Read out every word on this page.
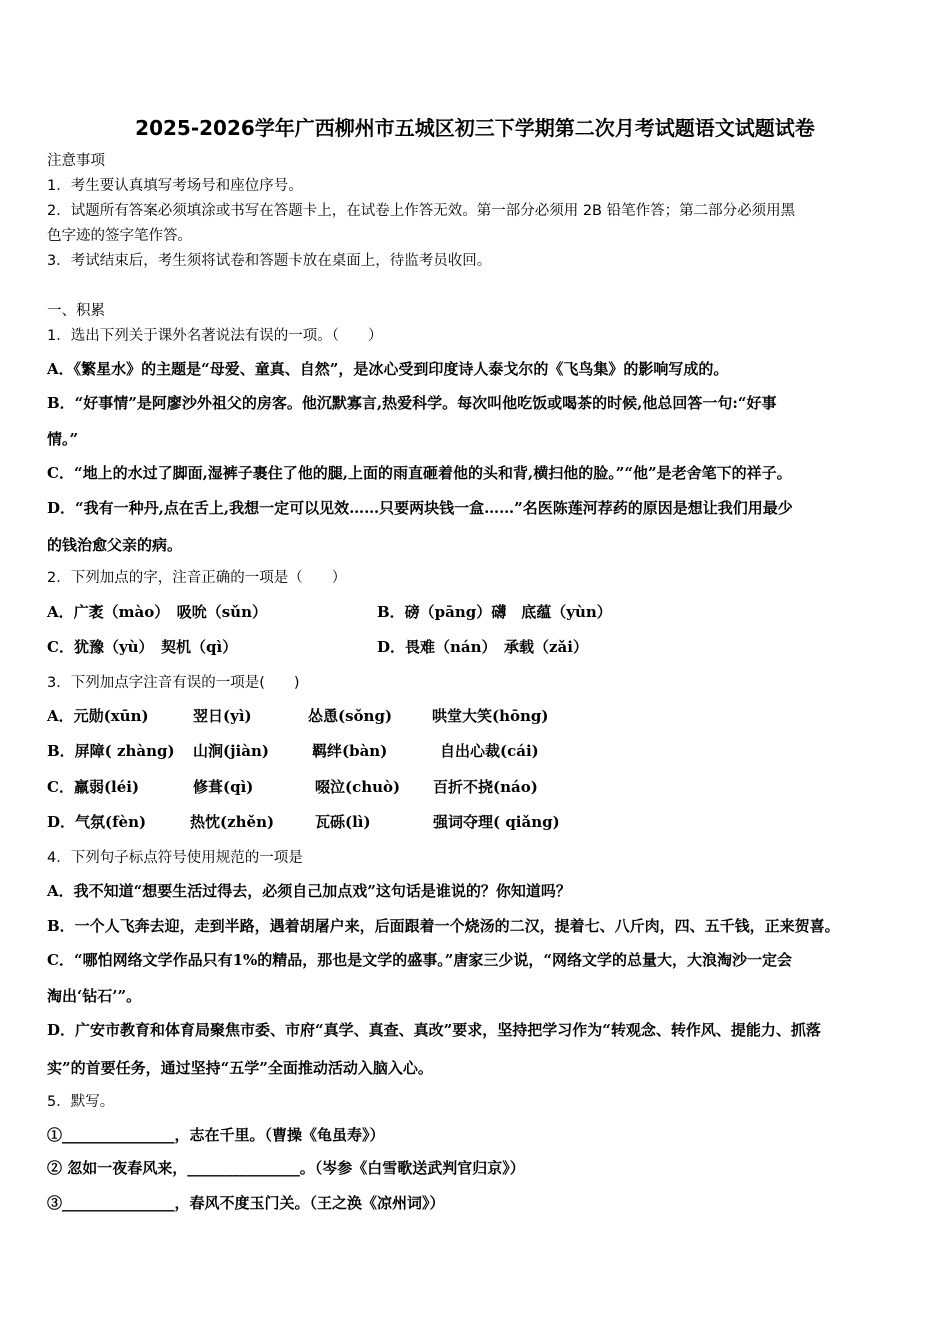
2025-2026学年广西柳州市五城区初三下学期第二次月考试题语文试题试卷
注意事项
1．考生要认真填写考场号和座位序号。
2．试题所有答案必须填涂或书写在答题卡上，在试卷上作答无效。第一部分必须用 2B 铅笔作答；第二部分必须用黑
色字迹的签字笔作答。
3．考试结束后，考生须将试卷和答题卡放在桌面上，待监考员收回。
一、积累
1．选出下列关于课外名著说法有误的一项。（　　）
A．《繁星水》的主题是“母爱、童真、自然”，是冰心受到印度诗人泰戈尔的《飞鸟集》的影响写成的。
B．“好事情”是阿廖沙外祖父的房客。他沉默寡言,热爱科学。每次叫他吃饭或喝茶的时候,他总回答一句:“好事
情。”
C．“地上的水过了脚面,湿裤子裹住了他的腿,上面的雨直砸着他的头和背,横扫他的脸。”“他”是老舍笔下的祥子。
D．“我有一种丹,点在舌上,我想一定可以见效……只要两块钱一盒……”名医陈莲河荐药的原因是想让我们用最少
的钱治愈父亲的病。
2．下列加点的字，注音正确的一项是（　　）
A．广袤（mào）　吸吮（sǔn）	B．磅（pāng）礴　底蕴（yùn）
C．犹豫（yù）　契机（qì）	D．畏难（nán）　承载（zǎi）
3．下列加点字注音有误的一项是(　　)
A．元勋(xūn)	翌日(yì)	怂恿(sǒng)	哄堂大笑(hōng)
B．屏障( zhàng) 山涧(jiàn)	羁绊(bàn)	自出心裁(cái)
C．羸弱(léi)	修葺(qì)	啜泣(chuò) 百折不挠(náo)
D．气氛(fèn)	热忱(zhěn)	瓦砾(lì)	强词夺理( qiǎng)
4．下列句子标点符号使用规范的一项是
A．我不知道“想要生活过得去，必须自己加点戏”这句话是谁说的？你知道吗？
B．一个人飞奔去迎，走到半路，遇着胡屠户来，后面跟着一个烧汤的二汉，提着七、八斤肉，四、五千钱，正来贺喜。
C．“哪怕网络文学作品只有1%的精品，那也是文学的盛事。”唐家三少说，“网络文学的总量大，大浪淘沙一定会
淘出‘钻石’”。
D．广安市教育和体育局聚焦市委、市府“真学、真查、真改”要求，坚持把学习作为“转观念、转作风、提能力、抓落
实”的首要任务，通过坚持“五学”全面推动活动入脑入心。
5．默写。
①_______________，志在千里。（曹操《龟虽寿》）
② 忽如一夜春风来，_______________。（岑参《白雪歌送武判官归京》）
③_______________，春风不度玉门关。（王之涣《凉州词》）
